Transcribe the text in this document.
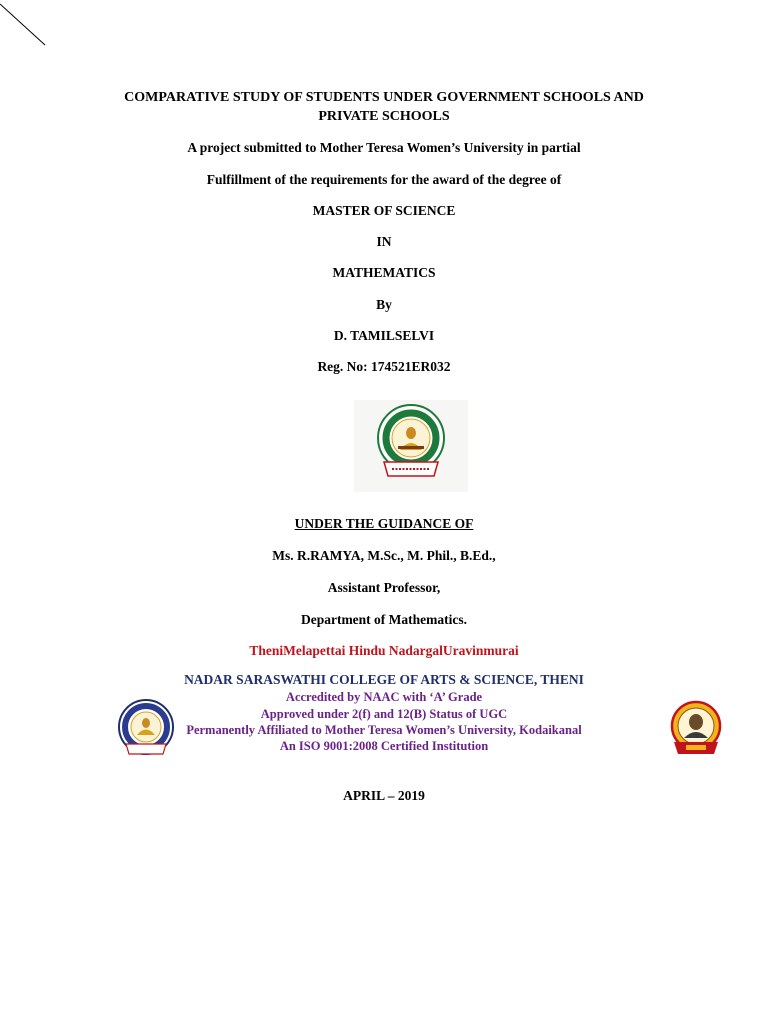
COMPARATIVE STUDY OF STUDENTS UNDER GOVERNMENT SCHOOLS AND
PRIVATE SCHOOLS
A project submitted to Mother Teresa Women’s University in partial
Fulfillment of the requirements for the award of the degree of
MASTER OF SCIENCE
IN
MATHEMATICS
By
D. TAMILSELVI
Reg. No: 174521ER032
UNDER THE GUIDANCE OF
Ms. R.RAMYA, M.Sc., M. Phil., B.Ed.,
Assistant Professor,
Department of Mathematics.
TheniMelapettai Hindu NadargalUravinmurai
NADAR SARASWATHI COLLEGE OF ARTS & SCIENCE, THENI
Accredited by NAAC with ‘A’ Grade
Approved under 2(f) and 12(B) Status of UGC
Permanently Affiliated to Mother Teresa Women’s University, Kodaikanal
An ISO 9001:2008 Certified Institution
APRIL – 2019
